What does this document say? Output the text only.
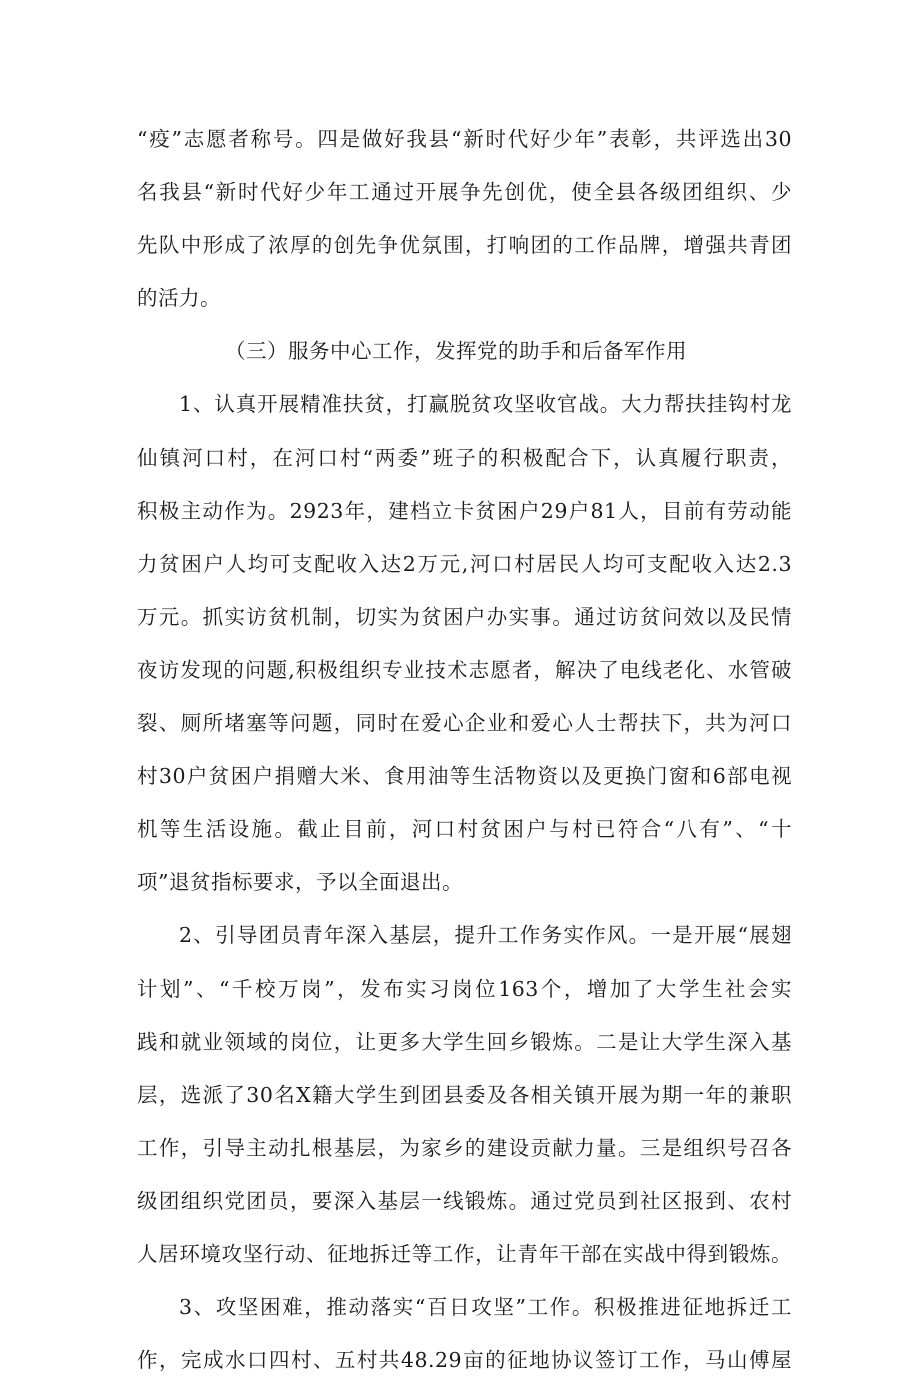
“疫”志愿者称号。四是做好我县“新时代好少年”表彰，共评选出30
名我县“新时代好少年工通过开展争先创优，使全县各级团组织、少
先队中形成了浓厚的创先争优氛围，打响团的工作品牌，增强共青团
的活力。
（三）服务中心工作，发挥党的助手和后备军作用
1、认真开展精准扶贫，打赢脱贫攻坚收官战。大力帮扶挂钩村龙
仙镇河口村，在河口村“两委”班子的积极配合下，认真履行职责，
积极主动作为。2923年，建档立卡贫困户29户81人，目前有劳动能
力贫困户人均可支配收入达2万元,河口村居民人均可支配收入达2.3
万元。抓实访贫机制，切实为贫困户办实事。通过访贫问效以及民情
夜访发现的问题,积极组织专业技术志愿者，解决了电线老化、水管破
裂、厕所堵塞等问题，同时在爱心企业和爱心人士帮扶下，共为河口
村30户贫困户捐赠大米、食用油等生活物资以及更换门窗和6部电视
机等生活设施。截止目前，河口村贫困户与村已符合“八有”、“十
项”退贫指标要求，予以全面退出。
2、引导团员青年深入基层，提升工作务实作风。一是开展“展翅
计划”、“千校万岗”，发布实习岗位163个，增加了大学生社会实
践和就业领域的岗位，让更多大学生回乡锻炼。二是让大学生深入基
层，选派了30名X籍大学生到团县委及各相关镇开展为期一年的兼职
工作，引导主动扎根基层，为家乡的建设贡献力量。三是组织号召各
级团组织党团员，要深入基层一线锻炼。通过党员到社区报到、农村
人居环境攻坚行动、征地拆迁等工作，让青年干部在实战中得到锻炼。
3、攻坚困难，推动落实“百日攻坚”工作。积极推进征地拆迁工
作，完成水口四村、五村共48.29亩的征地协议签订工作，马山傅屋
